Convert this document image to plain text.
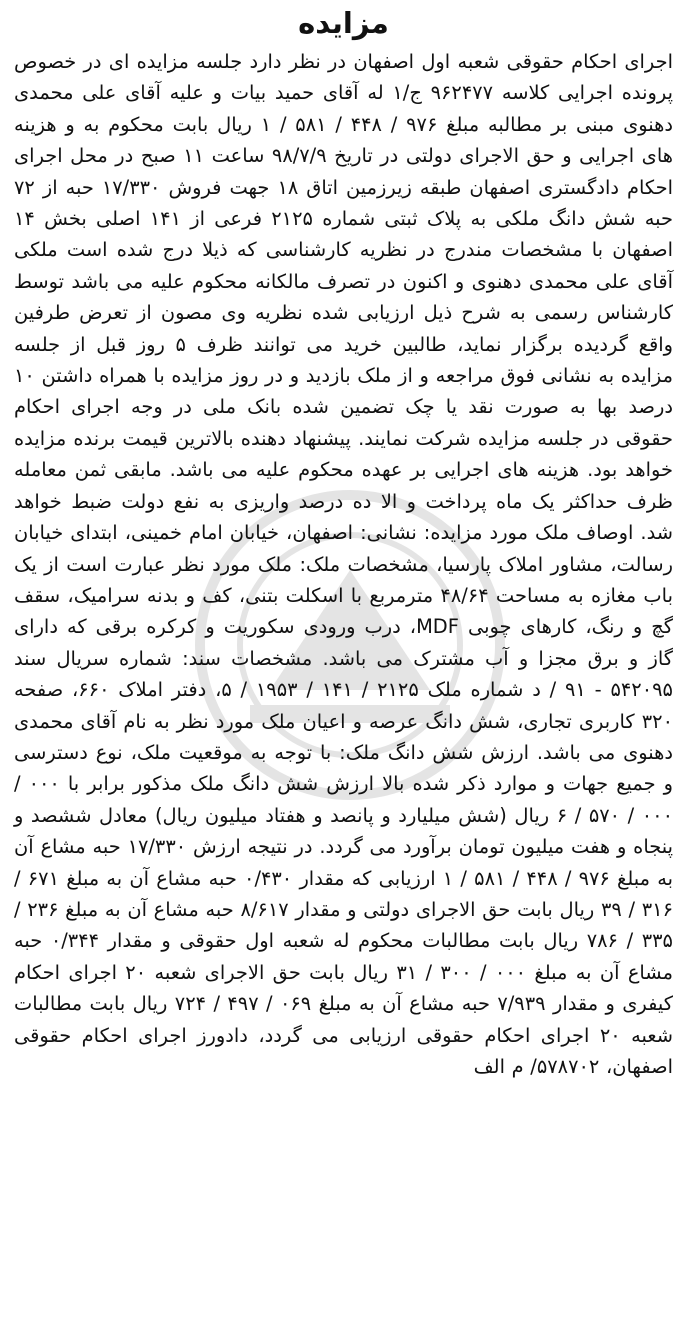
مزایده

اجرای احکام حقوقی شعبه اول اصفهان در نظر دارد جلسه مزایده ای در خصوص پرونده اجرایی کلاسه ۹۶۲۴۷۷ ج/۱ له آقای حمید بیات و علیه آقای علی محمدی دهنوی مبنی بر مطالبه مبلغ ۹۷۶ / ۴۴۸ / ۵۸۱ / ۱ ریال بابت محکوم به و هزینه های اجرایی و حق الاجرای دولتی در تاریخ ۹۸/۷/۹ ساعت ۱۱ صبح در محل اجرای احکام دادگستری اصفهان طبقه زیرزمین اتاق ۱۸ جهت فروش ۱۷/۳۳۰ حبه از ۷۲ حبه شش دانگ ملکی به پلاک ثبتی شماره ۲۱۲۵ فرعی از ۱۴۱ اصلی بخش ۱۴ اصفهان با مشخصات مندرج در نظریه کارشناسی که ذیلا درج شده است ملکی آقای علی محمدی دهنوی و اکنون در تصرف مالکانه محکوم علیه می باشد توسط کارشناس رسمی به شرح ذیل ارزیابی شده نظریه وی مصون از تعرض طرفین واقع گردیده برگزار نماید، طالبین خرید می توانند ظرف ۵ روز قبل از جلسه مزایده به نشانی فوق مراجعه و از ملک بازدید و در روز مزایده با همراه داشتن ۱۰ درصد بها به صورت نقد یا چک تضمین شده بانک ملی در وجه اجرای احکام حقوقی در جلسه مزایده شرکت نمایند. پیشنهاد دهنده بالاترین قیمت برنده مزایده خواهد بود. هزینه های اجرایی بر عهده محکوم علیه می باشد. مابقی ثمن معامله ظرف حداکثر یک ماه پرداخت و الا ده درصد واریزی به نفع دولت ضبط خواهد شد. اوصاف ملک مورد مزایده: نشانی: اصفهان، خیابان امام خمینی، ابتدای خیابان رسالت، مشاور املاک پارسیا، مشخصات ملک: ملک مورد نظر عبارت است از یک باب مغازه به مساحت ۴۸/۶۴ مترمربع با اسکلت بتنی، کف و بدنه سرامیک، سقف گچ و رنگ، کارهای چوبی MDF، درب ورودی سکوریت و کرکره برقی که دارای گاز و برق مجزا و آب مشترک می باشد. مشخصات سند: شماره سریال سند ۵۴۲۰۹۵ - ۹۱ / د شماره ملک ۲۱۲۵ / ۱۴۱ / ۱۹۵۳ / ۵، دفتر املاک ۶۶۰، صفحه ۳۲۰ کاربری تجاری، شش دانگ عرصه و اعیان ملک مورد نظر به نام آقای محمدی دهنوی می باشد. ارزش شش دانگ ملک: با توجه به موقعیت ملک، نوع دسترسی و جمیع جهات و موارد ذکر شده بالا ارزش شش دانگ ملک مذکور برابر با ۰۰۰ / ۰۰۰ / ۵۷۰ / ۶ ریال (شش میلیارد و پانصد و هفتاد میلیون ریال) معادل ششصد و پنجاه و هفت میلیون تومان برآورد می گردد. در نتیجه ارزش ۱۷/۳۳۰ حبه مشاع آن به مبلغ ۹۷۶ / ۴۴۸ / ۵۸۱ / ۱ ارزیابی که مقدار ۰/۴۳۰ حبه مشاع آن به مبلغ ۶۷۱ / ۳۱۶ / ۳۹ ریال بابت حق الاجرای دولتی و مقدار ۸/۶۱۷ حبه مشاع آن به مبلغ ۲۳۶ / ۳۳۵ / ۷۸۶ ریال بابت مطالبات محکوم له شعبه اول حقوقی و مقدار ۰/۳۴۴ حبه مشاع آن به مبلغ ۰۰۰ / ۳۰۰ / ۳۱ ریال بابت حق الاجرای شعبه ۲۰ اجرای احکام کیفری و مقدار ۷/۹۳۹ حبه مشاع آن به مبلغ ۰۶۹ / ۴۹۷ / ۷۲۴ ریال بابت مطالبات شعبه ۲۰ اجرای احکام حقوقی ارزیابی می گردد، دادورز اجرای احکام حقوقی اصفهان، ۵۷۸۷۰۲/ م الف
